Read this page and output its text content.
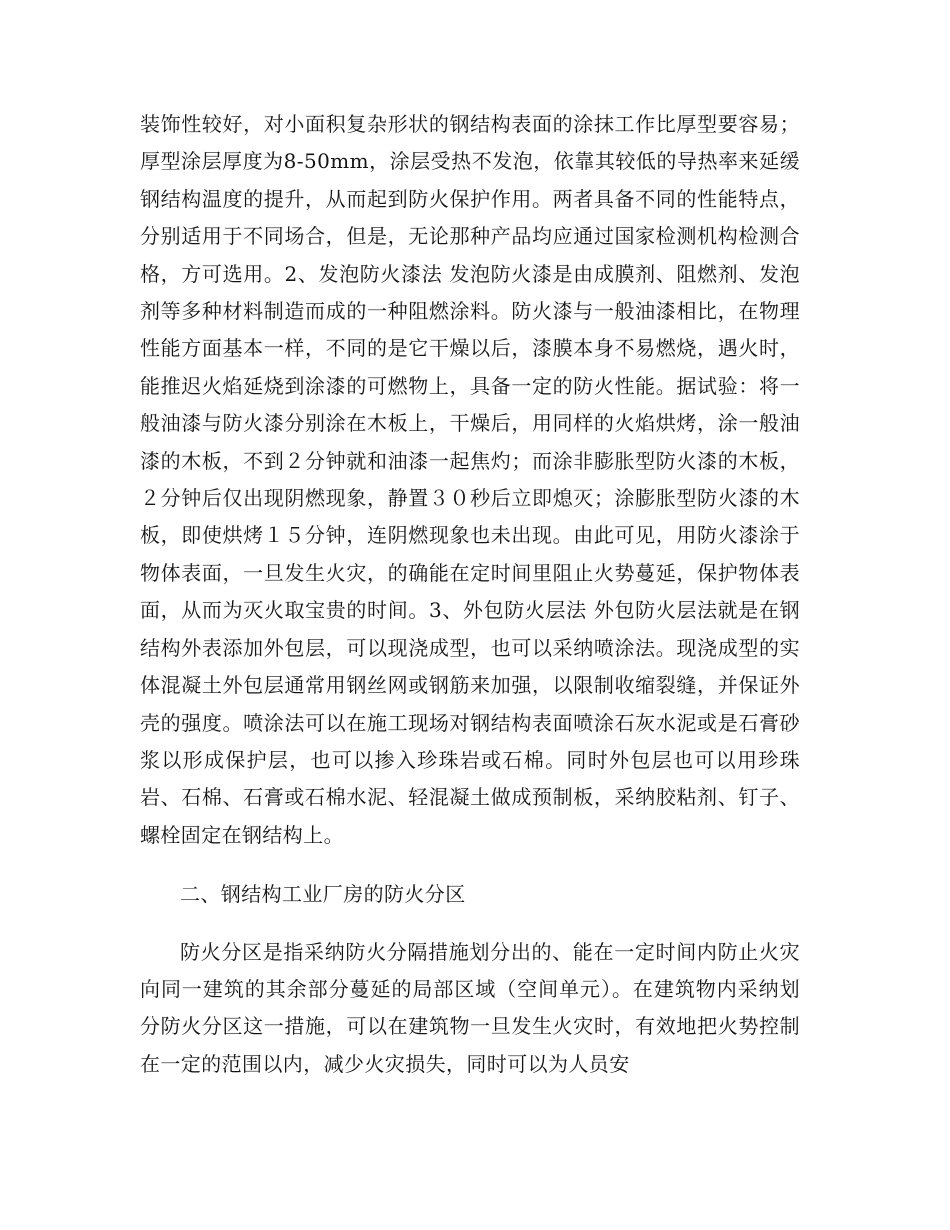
装饰性较好，对小面积复杂形状的钢结构表面的涂抹工作比厚型要容易；厚型涂层厚度为8-50mm，涂层受热不发泡，依靠其较低的导热率来延缓钢结构温度的提升，从而起到防火保护作用。两者具备不同的性能特点，分别适用于不同场合，但是，无论那种产品均应通过国家检测机构检测合格，方可选用。2、发泡防火漆法 发泡防火漆是由成膜剂、阻燃剂、发泡剂等多种材料制造而成的一种阻燃涂料。防火漆与一般油漆相比，在物理性能方面基本一样，不同的是它干燥以后，漆膜本身不易燃烧，遇火时，能推迟火焰延烧到涂漆的可燃物上，具备一定的防火性能。据试验：将一般油漆与防火漆分别涂在木板上，干燥后，用同样的火焰烘烤，涂一般油漆的木板，不到２分钟就和油漆一起焦灼；而涂非膨胀型防火漆的木板，２分钟后仅出现阴燃现象，静置３０秒后立即熄灭；涂膨胀型防火漆的木板，即使烘烤１５分钟，连阴燃现象也未出现。由此可见，用防火漆涂于物体表面，一旦发生火灾，的确能在定时间里阻止火势蔓延，保护物体表面，从而为灭火取宝贵的时间。3、外包防火层法 外包防火层法就是在钢结构外表添加外包层，可以现浇成型，也可以采纳喷涂法。现浇成型的实体混凝土外包层通常用钢丝网或钢筋来加强，以限制收缩裂缝，并保证外壳的强度。喷涂法可以在施工现场对钢结构表面喷涂石灰水泥或是石膏砂浆以形成保护层，也可以掺入珍珠岩或石棉。同时外包层也可以用珍珠岩、石棉、石膏或石棉水泥、轻混凝土做成预制板，采纳胶粘剂、钉子、螺栓固定在钢结构上。

二、钢结构工业厂房的防火分区

防火分区是指采纳防火分隔措施划分出的、能在一定时间内防止火灾向同一建筑的其余部分蔓延的局部区域（空间单元）。在建筑物内采纳划分防火分区这一措施，可以在建筑物一旦发生火灾时，有效地把火势控制在一定的范围以内，减少火灾损失，同时可以为人员安
